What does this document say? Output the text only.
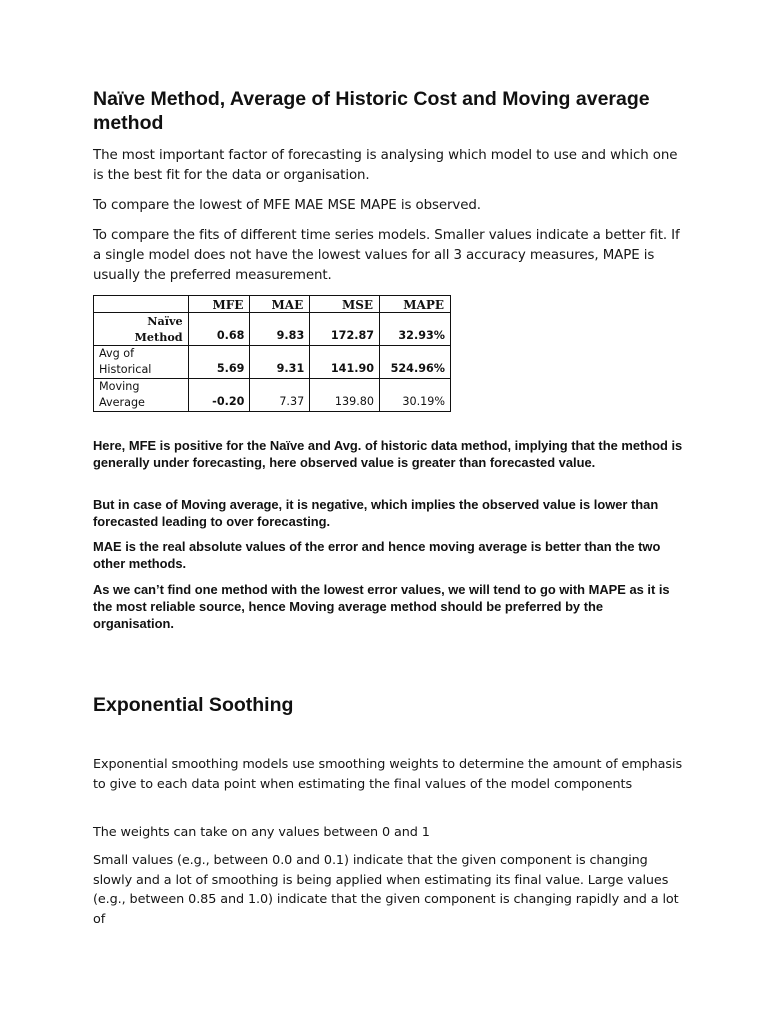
Naïve Method, Average of Historic Cost and Moving average method

The most important factor of forecasting is analysing which model to use and which one is the best fit for the data or organisation.

To compare the lowest of MFE MAE MSE MAPE is observed.

To compare the fits of different time series models. Smaller values indicate a better fit. If a single model does not have the lowest values for all 3 accuracy measures, MAPE is usually the preferred measurement.

	MFE	MAE	MSE	MAPE
Naïve Method	0.68	9.83	172.87	32.93%
Avg of Historical	5.69	9.31	141.90	524.96%
Moving Average	-0.20	7.37	139.80	30.19%

Here, MFE is positive for the Naïve and Avg. of historic data method, implying that the method is generally under forecasting, here observed value is greater than forecasted value.

But in case of Moving average, it is negative, which implies the observed value is lower than forecasted leading to over forecasting.

MAE is the real absolute values of the error and hence moving average is better than the two other methods.

As we can’t find one method with the lowest error values, we will tend to go with MAPE as it is the most reliable source, hence Moving average method should be preferred by the organisation.

Exponential Soothing

Exponential smoothing models use smoothing weights to determine the amount of emphasis to give to each data point when estimating the final values of the model components

The weights can take on any values between 0 and 1

Small values (e.g., between 0.0 and 0.1) indicate that the given component is changing slowly and a lot of smoothing is being applied when estimating its final value. Large values (e.g., between 0.85 and 1.0) indicate that the given component is changing rapidly and a lot of
